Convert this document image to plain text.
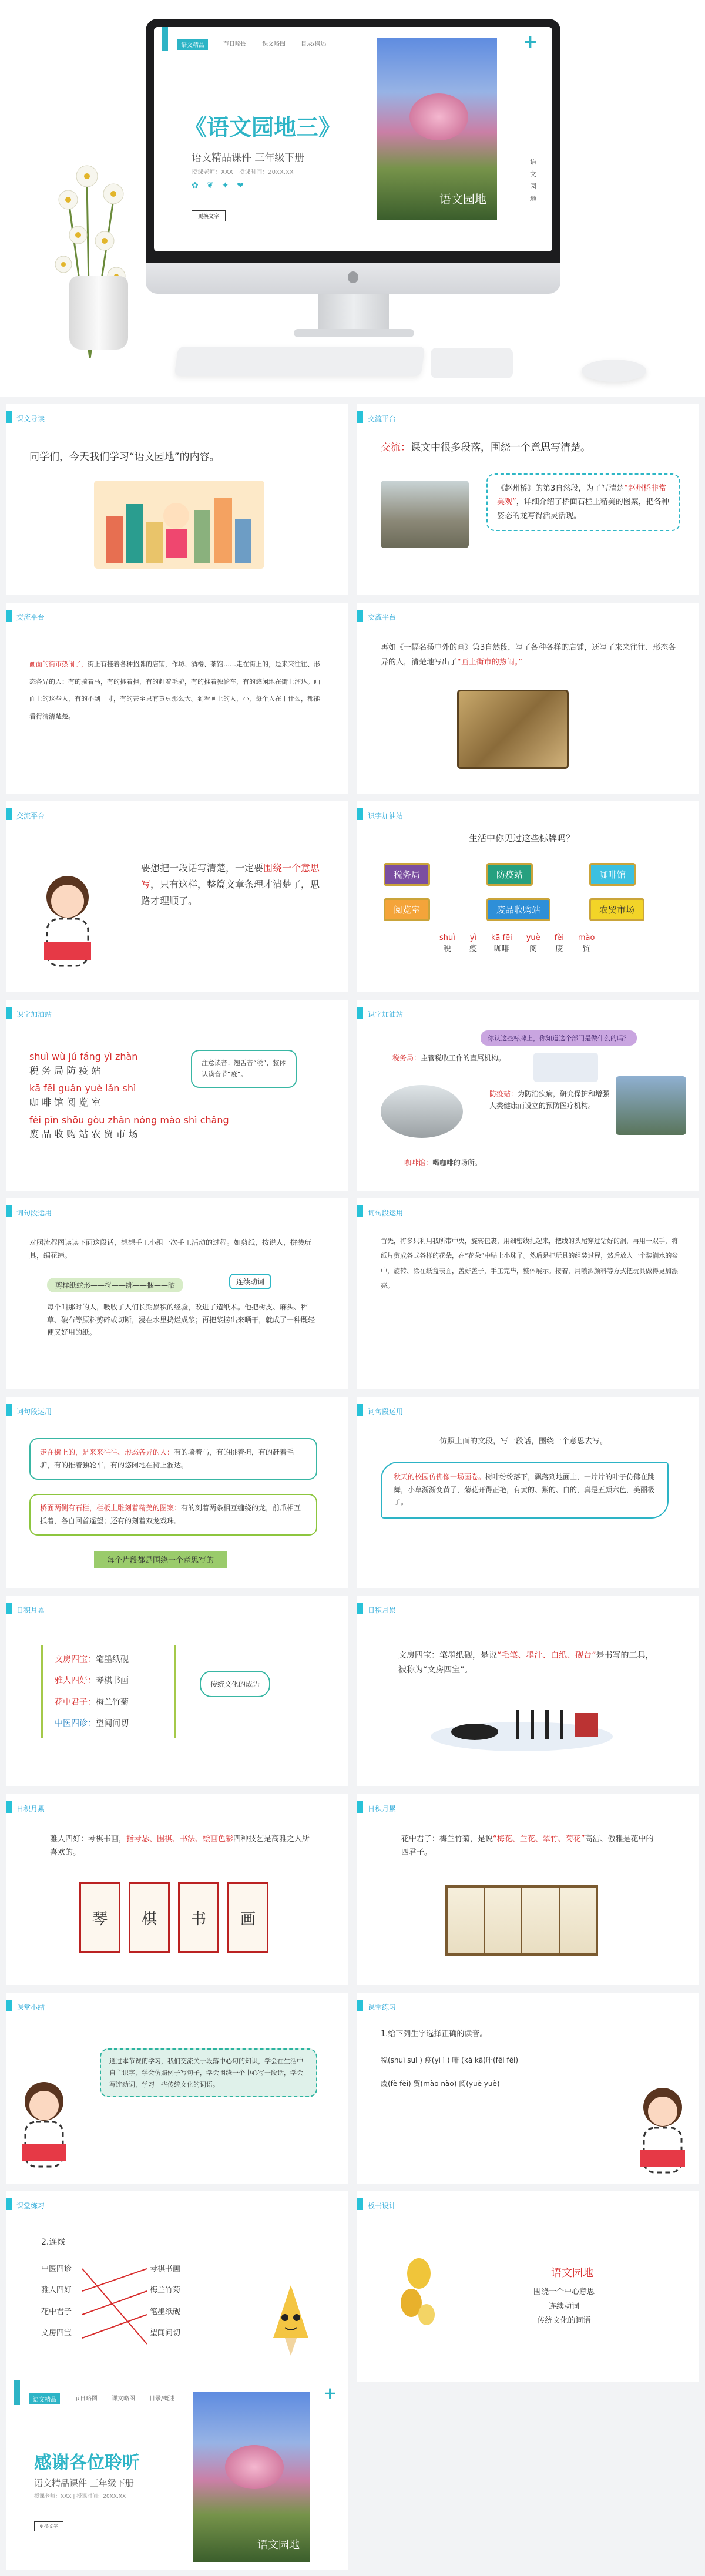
语文精品	节日略图	课文略图	目录/概述
《语文园地三》
语文精品课件 三年级下册
授课老师：XXX | 授课时间：20XX.XX
✿ ❦ ✦ ❤
更换文字
语文园地
+
语
文
园
地
课文导读
同学们，今天我们学习“语文园地”的内容。
交流平台
交流：课文中很多段落，围绕一个意思写清楚。
《赵州桥》的第3自然段，为了写清楚“赵州桥非常美观”，详细介绍了桥面石栏上精美的图案，把各种姿态的龙写得活灵活现。
交流平台
画面的街市热闹了，街上有挂着各种招牌的店铺，作坊、酒楼、茶馆……走在街上的，是来来往往、形态各异的人：有的骑着马，有的挑着担，有的赶着毛驴，有的推着独轮车，有的悠闲地在街上溜达。画面上的这些人，有的不到一寸，有的甚至只有黄豆那么大。到看画上的人，小，每个人在干什么，都能看得清清楚楚。
交流平台
再如《一幅名扬中外的画》第3自然段，写了各种各样的店铺，还写了来来往往、形态各异的人，清楚地写出了“画上街市的热闹。”
交流平台
要想把一段话写清楚，一定要围绕一个意思写，只有这样，整篇文章条理才清楚了，思路才理顺了。
识字加油站
生活中你见过这些标牌吗？
税务局	防疫站	咖啡馆
阅览室	废品收购站	农贸市场
shuì
税
yì
疫
kā fēi
咖啡
yuè
阅
fèi
废
mào
贸
识字加油站
shuì wù jú fáng yì zhàn
税 务 局 防 疫 站
kā fēi guǎn yuè lǎn shì
咖 啡 馆 阅 览 室
fèi pǐn shōu gòu zhàn nóng mào shì chǎng
废 品 收 购 站 农 贸 市 场
注意读音：翘舌音“税”，整体认读音节“疫”。
识字加油站
你认这些标牌上，你知道这个部门是做什么的吗？
税务局：主管税收工作的直属机构。
防疫站：为防治疾病，研究保护和增强人类健康而设立的预防医疗机构。
咖啡馆：喝咖啡的场所。
词句段运用
对照流程图读读下面这段话，想想手工小组一次手工活动的过程。如剪纸，按说人，拼装玩具，编花绳。
剪样纸蛇形——捋——绑——捆——晒	连续动词
每个叫那时的人，吸收了人们长期累积的经验，改进了造纸术。他把树皮、麻头、稻草、破布等原料剪碎或切断，浸在水里捣烂成浆；再把浆捞出来晒干，就成了一种既轻便又好用的纸。
词句段运用
首先，将多只利用我所带中央，旋转包裹，用细密线扎起来，把线的头尾穿过钻好的洞，再用一双手，将纸片剪成各式各样的花朵，在“花朵”中贴上小珠子。然后是把玩具的组装过程，然后放入一个装满水的盆中，旋转、涂在纸盒表面，盖好盖子，手工完毕，整体展示。接着，用喷洒颜料等方式把玩具做得更加漂亮。
词句段运用
走在街上的，是来来往往、形态各异的人：有的骑着马，有的挑着担，有的赶着毛驴，有的推着独轮车，有的悠闲地在街上溜达。
桥面两侧有石栏，栏板上雕刻着精美的图案：有的刻着两条相互缠绕的龙，前爪相互抵着，各自回首遥望；还有的刻着双龙戏珠。
每个片段都是围绕一个意思写的
词句段运用
仿照上面的文段，写一段话，围绕一个意思去写。
秋天的校园仿佛像一场画卷。树叶纷纷落下，飘落到地面上，一片片的叶子仿佛在跳舞，小草渐渐变黄了，菊花开得正艳，有黄的、紫的、白的，真是五颜六色，美丽极了。
日积月累
文房四宝：笔墨纸砚
雅人四好：琴棋书画
花中君子：梅兰竹菊
中医四诊：望闻问切
传统文化的成语
日积月累
文房四宝：笔墨纸砚，是说“毛笔、墨汁、白纸、砚台”是书写的工具，被称为“文房四宝”。
日积月累
雅人四好：琴棋书画，指琴瑟、围棋、书法、绘画色彩四种技艺是高雅之人所喜欢的。
琴	棋	书	画
日积月累
花中君子：梅兰竹菊，是说“梅花、兰花、翠竹、菊花”高洁、傲雅是花中的四君子。
课堂小结
通过本节课的学习，我们交流关于段落中心句的知识，学会在生活中自主识字，学会仿照例子写句子，学会围绕一个中心写一段话，学会写连动词，学习一些传统文化的词语。
课堂练习
1.给下列生字选择正确的读音。
税(shuì suì ) 疫(yì ì ) 啡 (kā kā)啡(fēi fēi)
废(fè fèi) 贸(mào nào) 阅(yuè yuè)
课堂练习
2.连线
中医四诊
雅人四好
花中君子
文房四宝
琴棋书画
梅兰竹菊
笔墨纸砚
望闻问切
板书设计
语文园地
围绕一个中心意思
连续动词
传统文化的词语
语文精品	节日略图 课文略图 目录/概述
感谢各位聆听
语文精品课件 三年级下册
授课老师：XXX | 授课时间：20XX.XX
更换文字
语文园地
+
